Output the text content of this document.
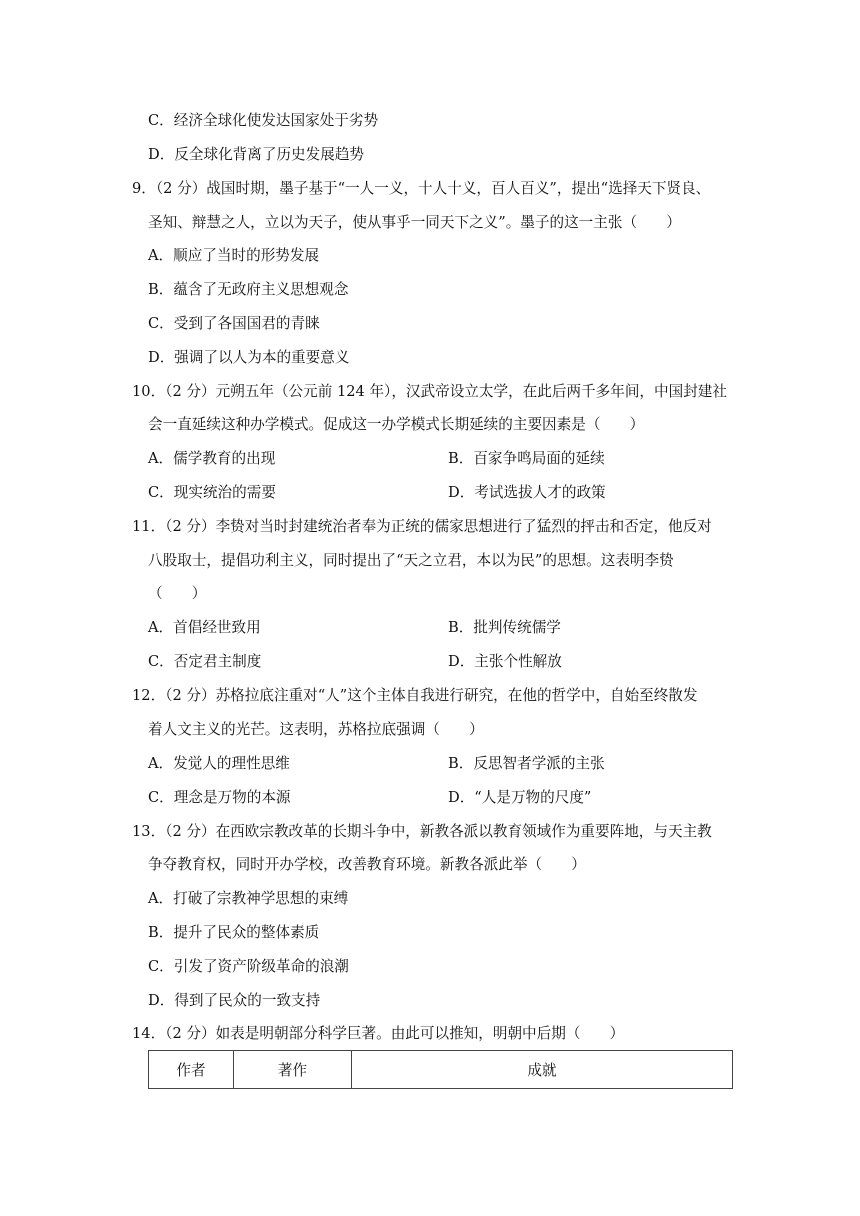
C．经济全球化使发达国家处于劣势
D．反全球化背离了历史发展趋势
9．（2 分）战国时期，墨子基于“一人一义，十人十义，百人百义”，提出“选择天下贤良、
圣知、辩慧之人，立以为天子，使从事乎一同天下之义”。墨子的这一主张（　　）
A．顺应了当时的形势发展
B．蕴含了无政府主义思想观念
C．受到了各国国君的青睐
D．强调了以人为本的重要意义
10．（2 分）元朔五年（公元前 124 年），汉武帝设立太学，在此后两千多年间，中国封建社
会一直延续这种办学模式。促成这一办学模式长期延续的主要因素是（　　）
A．儒学教育的出现	B．百家争鸣局面的延续
C．现实统治的需要	D．考试选拔人才的政策
11．（2 分）李贽对当时封建统治者奉为正统的儒家思想进行了猛烈的抨击和否定，他反对
八股取士，提倡功利主义，同时提出了“天之立君，本以为民”的思想。这表明李贽
（　　）
A．首倡经世致用	B．批判传统儒学
C．否定君主制度	D．主张个性解放
12．（2 分）苏格拉底注重对“人”这个主体自我进行研究，在他的哲学中，自始至终散发
着人文主义的光芒。这表明，苏格拉底强调（　　）
A．发觉人的理性思维	B．反思智者学派的主张
C．理念是万物的本源	D．“人是万物的尺度”
13．（2 分）在西欧宗教改革的长期斗争中，新教各派以教育领域作为重要阵地，与天主教
争夺教育权，同时开办学校，改善教育环境。新教各派此举（　　）
A．打破了宗教神学思想的束缚
B．提升了民众的整体素质
C．引发了资产阶级革命的浪潮
D．得到了民众的一致支持
14．（2 分）如表是明朝部分科学巨著。由此可以推知，明朝中后期（　　）
作者	著作	成就
